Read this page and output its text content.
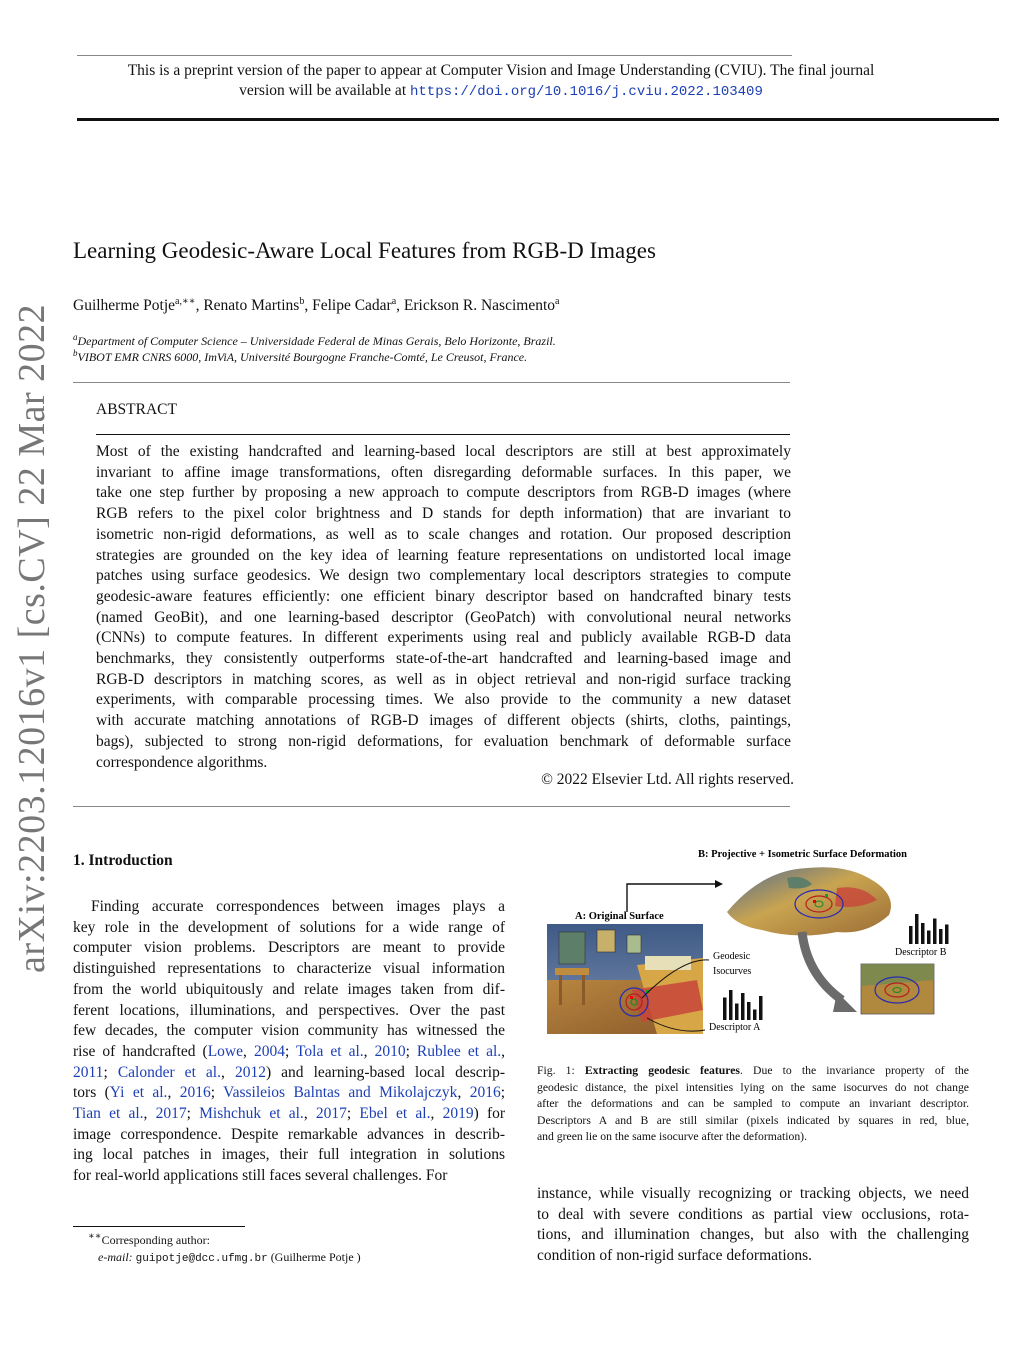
This is a preprint version of the paper to appear at Computer Vision and Image Understanding (CVIU). The final journal
version will be available at https://doi.org/10.1016/j.cviu.2022.103409
arXiv:2203.12016v1 [cs.CV] 22 Mar 2022
Learning Geodesic-Aware Local Features from RGB-D Images
Guilherme Potje$^{a,∗∗}$, Renato Martins$^b$, Felipe Cadar$^a$, Erickson R. Nascimento$^a$
$^a$Department of Computer Science – Universidade Federal de Minas Gerais, Belo Horizonte, Brazil.
$^b$VIBOT EMR CNRS 6000, ImViA, Université Bourgogne Franche-Comté, Le Creusot, France.
ABSTRACT
Most of the existing handcrafted and learning-based local descriptors are still at best approximately
invariant to affine image transformations, often disregarding deformable surfaces. In this paper, we
take one step further by proposing a new approach to compute descriptors from RGB-D images (where
RGB refers to the pixel color brightness and D stands for depth information) that are invariant to
isometric non-rigid deformations, as well as to scale changes and rotation. Our proposed description
strategies are grounded on the key idea of learning feature representations on undistorted local image
patches using surface geodesics. We design two complementary local descriptors strategies to compute
geodesic-aware features efficiently: one efficient binary descriptor based on handcrafted binary tests
(named GeoBit), and one learning-based descriptor (GeoPatch) with convolutional neural networks
(CNNs) to compute features. In different experiments using real and publicly available RGB-D data
benchmarks, they consistently outperforms state-of-the-art handcrafted and learning-based image and
RGB-D descriptors in matching scores, as well as in object retrieval and non-rigid surface tracking
experiments, with comparable processing times. We also provide to the community a new dataset
with accurate matching annotations of RGB-D images of different objects (shirts, cloths, paintings,
bags), subjected to strong non-rigid deformations, for evaluation benchmark of deformable surface
correspondence algorithms.
© 2022 Elsevier Ltd. All rights reserved.
1. Introduction
Finding accurate correspondences between images plays a
key role in the development of solutions for a wide range of
computer vision problems. Descriptors are meant to provide
distinguished representations to characterize visual information
from the world ubiquitously and relate images taken from dif-
ferent locations, illuminations, and perspectives. Over the past
few decades, the computer vision community has witnessed the
rise of handcrafted (Lowe, 2004; Tola et al., 2010; Rublee et al.,
2011; Calonder et al., 2012) and learning-based local descrip-
tors (Yi et al., 2016; Vassileios Balntas and Mikolajczyk, 2016;
Tian et al., 2017; Mishchuk et al., 2017; Ebel et al., 2019) for
image correspondence. Despite remarkable advances in describ-
ing local patches in images, their full integration in solutions
for real-world applications still faces several challenges. For
∗∗Corresponding author:
e-mail: guipotje@dcc.ufmg.br (Guilherme Potje )
B: Projective + Isometric Surface Deformation
A: Original Surface
Geodesic
Isocurves
Descriptor A
Descriptor B
Fig. 1: Extracting geodesic features. Due to the invariance property of the
geodesic distance, the pixel intensities lying on the same isocurves do not change
after the deformations and can be sampled to compute an invariant descriptor.
Descriptors A and B are still similar (pixels indicated by squares in red, blue,
and green lie on the same isocurve after the deformation).
instance, while visually recognizing or tracking objects, we need
to deal with severe conditions as partial view occlusions, rota-
tions, and illumination changes, but also with the challenging
condition of non-rigid surface deformations.
